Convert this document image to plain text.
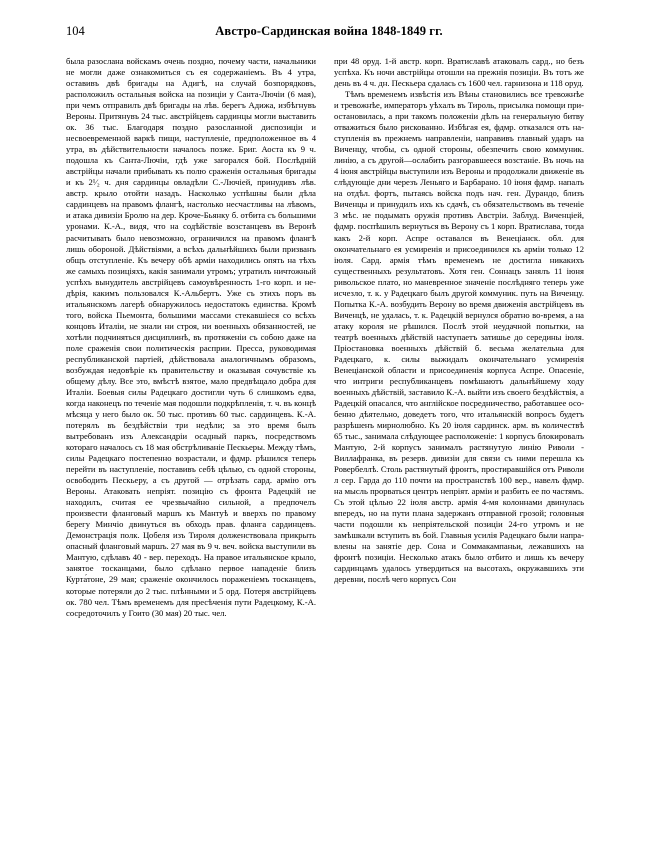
104	Австро-Сардинская война 1848-1849 гг.

была разослана войскамъ очень поздно, почему части, начальники не могли даже ознакомиться съ ея содержаніемъ. Въ 4 утра, оставивъ двѣ бригады на Адигѣ, на случай бозпорядковъ, расположилъ остальныя войска на позиціи у Санта-Лючіи (6 мая), при чемъ отправилъ двѣ бригады на лѣв. берегъ Адижа, избѣгнувъ Вероны. Притянувъ 24 тыс. австрійцевъ сардинцы могли выставить ок. 36 тыс. Благодаря поздно разосланной диспозиціи и несвоевременной варкѣ пищи, наступленіе, предположенное въ 4 утра, въ дѣйствительности началось позже. Бриг. Аоста къ 9 ч. подошла къ Санта-Лючіи, гдѣ уже загорался бой. Послѣдній австрійцы начали прибывать къ полю сраженія остальныя бригады и къ 2¹⁄₂ ч. дня сардинцы овладѣли С.-Лючіей, принудивъ лѣв. австр. крыло отойти назадъ. Насколько успѣшны были дѣла сардинцевъ на правомъ флангѣ, настолько несчастливы на лѣвомъ, и атака дивизіи Бролю на дер. Кроче-Бьянку б. отбита съ большими уронами. К.-А., видя, что на содѣйствіе возстанцевъ въ Веронѣ расчитывать было невозможно, ограничился на правомъ флангѣ лишь обороной. Дѣйствіями, а всѣхъ дальнѣйшихъ были призванъ общъ отступленіе. Къ вечеру обѣ арміи находились опять на тѣхъ же самыхъ позиціяхъ, какія занимали утромъ; утратилъ ничтожный успѣхъ вынудитель австрійцевъ самоувѣренность 1-го корп. и недѣрія, какимъ пользовался К.-Альбертъ. Уже съ этихъ поръ въ итальянскомъ лагерѣ обнаружилось недостатокъ единства. Кромѣ того, войска Пьемонта, большими массами стекавшіеся со всѣхъ концовъ Италіи, не знали ни строя, ни военныхъ обязанностей, не хотѣли подчиняться дисциплинѣ, въ протяженіи съ собою даже на поле сраженія свои политическія расприи. Пресса, руководимая республиканской партіей, дѣйствовала аналогичнымъ образомъ, возбуждая недовѣріе къ правительству и оказывая сочувствіе къ общему дѣлу. Все это, вмѣстѣ взятое, мало предвѣщало добра для Италіи. Боевыя силы Радецкаго достигли чуть 6 слишкомъ едва, когда наконецъ по теченіе мая подошли подкрѣпленія, т. ч. въ концѣ мѣсяца у него было ок. 50 тыс. противъ 60 тыс. сардинцевъ. К.-А. потерялъ въ бездѣйствіи три недѣли; за это время былъ вытребованъ изъ Александріи осадный паркъ, посредствомъ котораго началось съ 18 мая обстрѣливаніе Пескьеры. Между тѣмъ, силы Радецкаго постепенно возрастали, и фдмр. рѣшился теперь перейти въ наступленіе, поставивъ себѣ цѣлью, съ одной стороны, освободить Пескьеру, а съ другой — отрѣзать сард. армію отъ Вероны. Атаковать непріят. позицію съ фронта Радецкій не находилъ, считая ее чрезвычайно сильной, а предпочелъ произвести фланговый маршъ къ Мантуѣ и вверхъ по правому берегу Минчіо двинуться въ обходъ прав. фланга сардинцевъ. Демонстрація полк. Цобеля изъ Тироля долженствовала прикрыть опасный фланговый маршъ. 27 мая въ 9 ч. веч. войска выступили въ Мантую, сдѣлавъ 40 - вер. переходъ. На правое итальянское крыло, занятое тосканцами, было сдѣлано первое нападеніе близъ Курта́тоне, 29 мая; сраженіе окончилось пораженіемъ тосканцевъ, которые потеряли до 2 тыс. плѣнными и 5 орд. Потеря австрійцевъ ок. 780 чел. Тѣмъ временемъ для пресѣченія пути Радецкому, К.-А. сосредоточилъ у Гоито (30 мая) 20 тыс. чел.

при 48 оруд. 1-й австр. корп. Вратиславѣ атаковалъ сард., но безъ успѣха. Къ ночи австрійцы отошли на прежнія позиціи. Въ тотъ же день въ 4 ч. дн. Пескьера сдалась съ 1600 чел. гарнизона и 118 оруд.

Тѣмъ временемъ извѣстія изъ Вѣны становились все тревожнѣе и тревожнѣе, императоръ уѣхалъ въ Тироль, присылка помощи приостановилась, а при такомъ положеніи дѣлъ на генеральную битву отважиться было рискованно. Избѣгая ея, фдмр. отказался отъ наступленія въ прежнемъ направленіи, направивъ главный ударъ на Виченцу, чтобы, съ одной стороны, обезпечить свою коммуник. линію, а съ другой—ослабить разгоравшееся возстаніе. Въ ночь на 4 іюня австрійцы выступили изъ Вероны и продолжали движеніе въ слѣдующіе дни черезъ Леньяго и Барбарано. 10 іюня фдмр. напалъ на отдѣл. фортъ, пытаясь войска подъ нач. ген. Дурандо, близъ Виченцы и принудилъ ихъ къ сдачѣ, съ обязательствомъ въ теченіе 3 мѣс. не подымать оружія противъ Австріи. Заблуд. Виченціей, фдмр. поспѣшилъ вернуться въ Верону съ 1 корп. Вратислава, тогда какъ 2-й корп. Аспре оставался въ Венеціанск. обл. для окончательнаго ея усмиренія и присоединился къ арміи только 12 іюля. Сард. армія тѣмъ временемъ не достигла никакихъ существенныхъ результатовъ. Хотя ген. Соннацъ занялъ 11 іюня ривольское плато, но маневренное значеніе послѣдняго теперь уже исчезло, т. к. у Радецкаго былъ другой коммуник. путь на Виченцу. Попытка К.-А. возбудить Верону во время движенія австрійцевъ въ Виченцѣ, не удалась, т. к. Радецкій вернулся обратно во-время, а на атаку короля не рѣшился. Послѣ этой неудачной попытки, на театрѣ военныхъ дѣйствій наступаетъ затишье до середины іюля. Пріостановка военныхъ дѣйствій б. весьма желательна для Радецкаго, к. силы выжидалъ окончательнаго усмиренія Венеціанской области и присоединенія корпуса Аспре. Опасеніе, что интриги республиканцевъ помѣшаютъ дальнѣйшему ходу военныхъ дѣйствій, заставило К.-А. выйти изъ своего бездѣйствія, а Радецкій опасался, что англійское посредничество, работавшее особенно дѣятельно, доведетъ того, что итальянскій вопросъ будетъ разрѣшенъ мирнолюбно. Къ 20 іюля сардинск. арм. въ количествѣ 65 тыс., занимала слѣдующее расположеніе: 1 корпусъ блокировалъ Мантую, 2-й корпусъ занималъ растянутую линію Риволи - Виллафранка, въ резерв. дивизіи для связи съ ними перешла къ Ровербеллѣ. Столь растянутый фронтъ, простиравшійся отъ Риволи л сер. Гарда до 110 почти на пространствѣ 100 вер., навелъ фдмр. на мысль прорваться центръ непріят. арміи и разбить ее по частямъ. Съ этой цѣлью 22 іюля австр. армія 4-мя колоннами двинулась впередъ, но на пути плана задержанъ отправной грозой; головныя части подошли къ непріятельской позиціи 24-го утромъ и не замѣшкали вступить въ бой. Главныя усилія Радецкаго были направлены на занятіе дер. Сона и Соммакампаньи, лежавшихъ на фронтѣ позиціи. Несколько атакъ было отбито и лишь къ вечеру сардинцамъ удалось утвердиться на высотахъ, окружавшихъ эти деревни, послѣ чего корпусъ Сон
